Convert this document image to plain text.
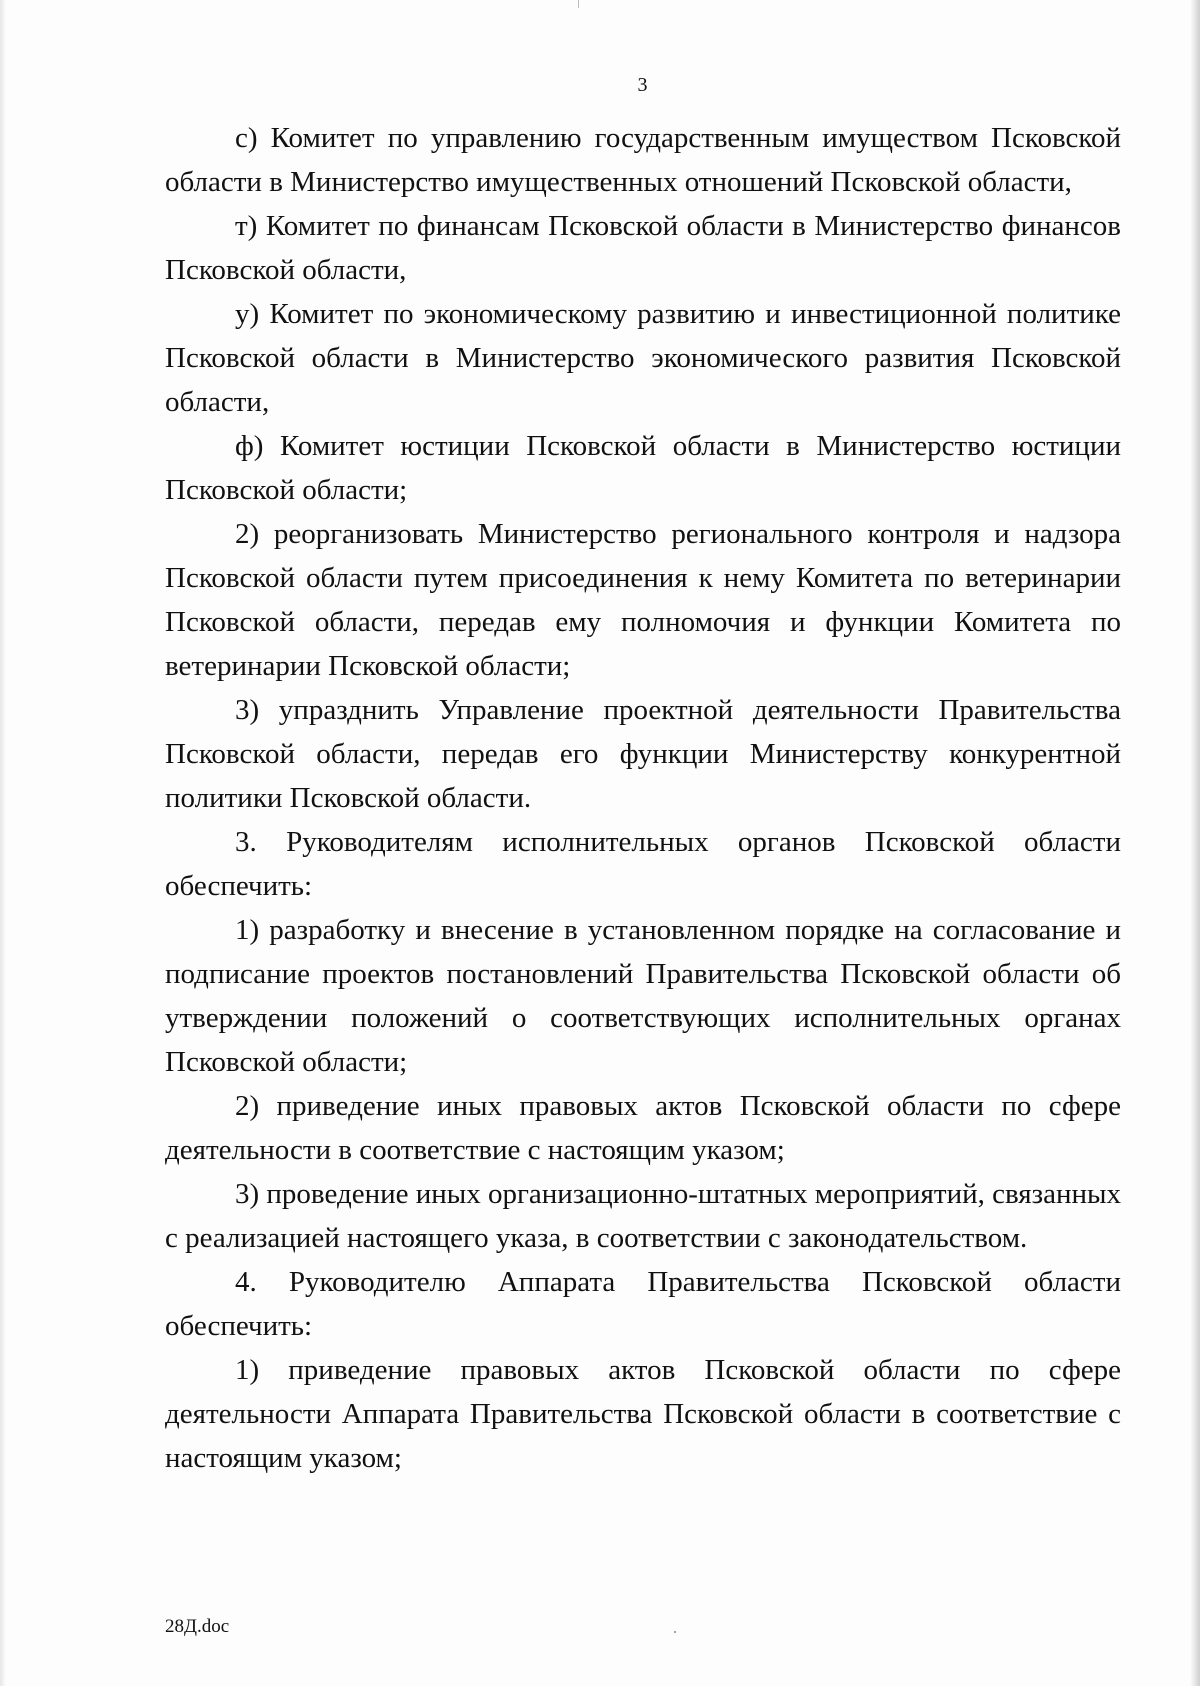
3

с) Комитет по управлению государственным имуществом Псковской области в Министерство имущественных отношений Псковской области,

т) Комитет по финансам Псковской области в Министерство финансов Псковской области,

у) Комитет по экономическому развитию и инвестиционной политике Псковской области в Министерство экономического развития Псковской области,

ф) Комитет юстиции Псковской области в Министерство юстиции Псковской области;

2) реорганизовать Министерство регионального контроля и надзора Псковской области путем присоединения к нему Комитета по ветеринарии Псковской области, передав ему полномочия и функции Комитета по ветеринарии Псковской области;

3) упразднить Управление проектной деятельности Правительства Псковской области, передав его функции Министерству конкурентной политики Псковской области.

3. Руководителям исполнительных органов Псковской области обеспечить:

1) разработку и внесение в установленном порядке на согласование и подписание проектов постановлений Правительства Псковской области об утверждении положений о соответствующих исполнительных органах Псковской области;

2) приведение иных правовых актов Псковской области по сфере деятельности в соответствие с настоящим указом;

3) проведение иных организационно-штатных мероприятий, связанных с реализацией настоящего указа, в соответствии с законодательством.

4. Руководителю Аппарата Правительства Псковской области обеспечить:

1) приведение правовых актов Псковской области по сфере деятельности Аппарата Правительства Псковской области в соответствие с настоящим указом;

28Д.doc
